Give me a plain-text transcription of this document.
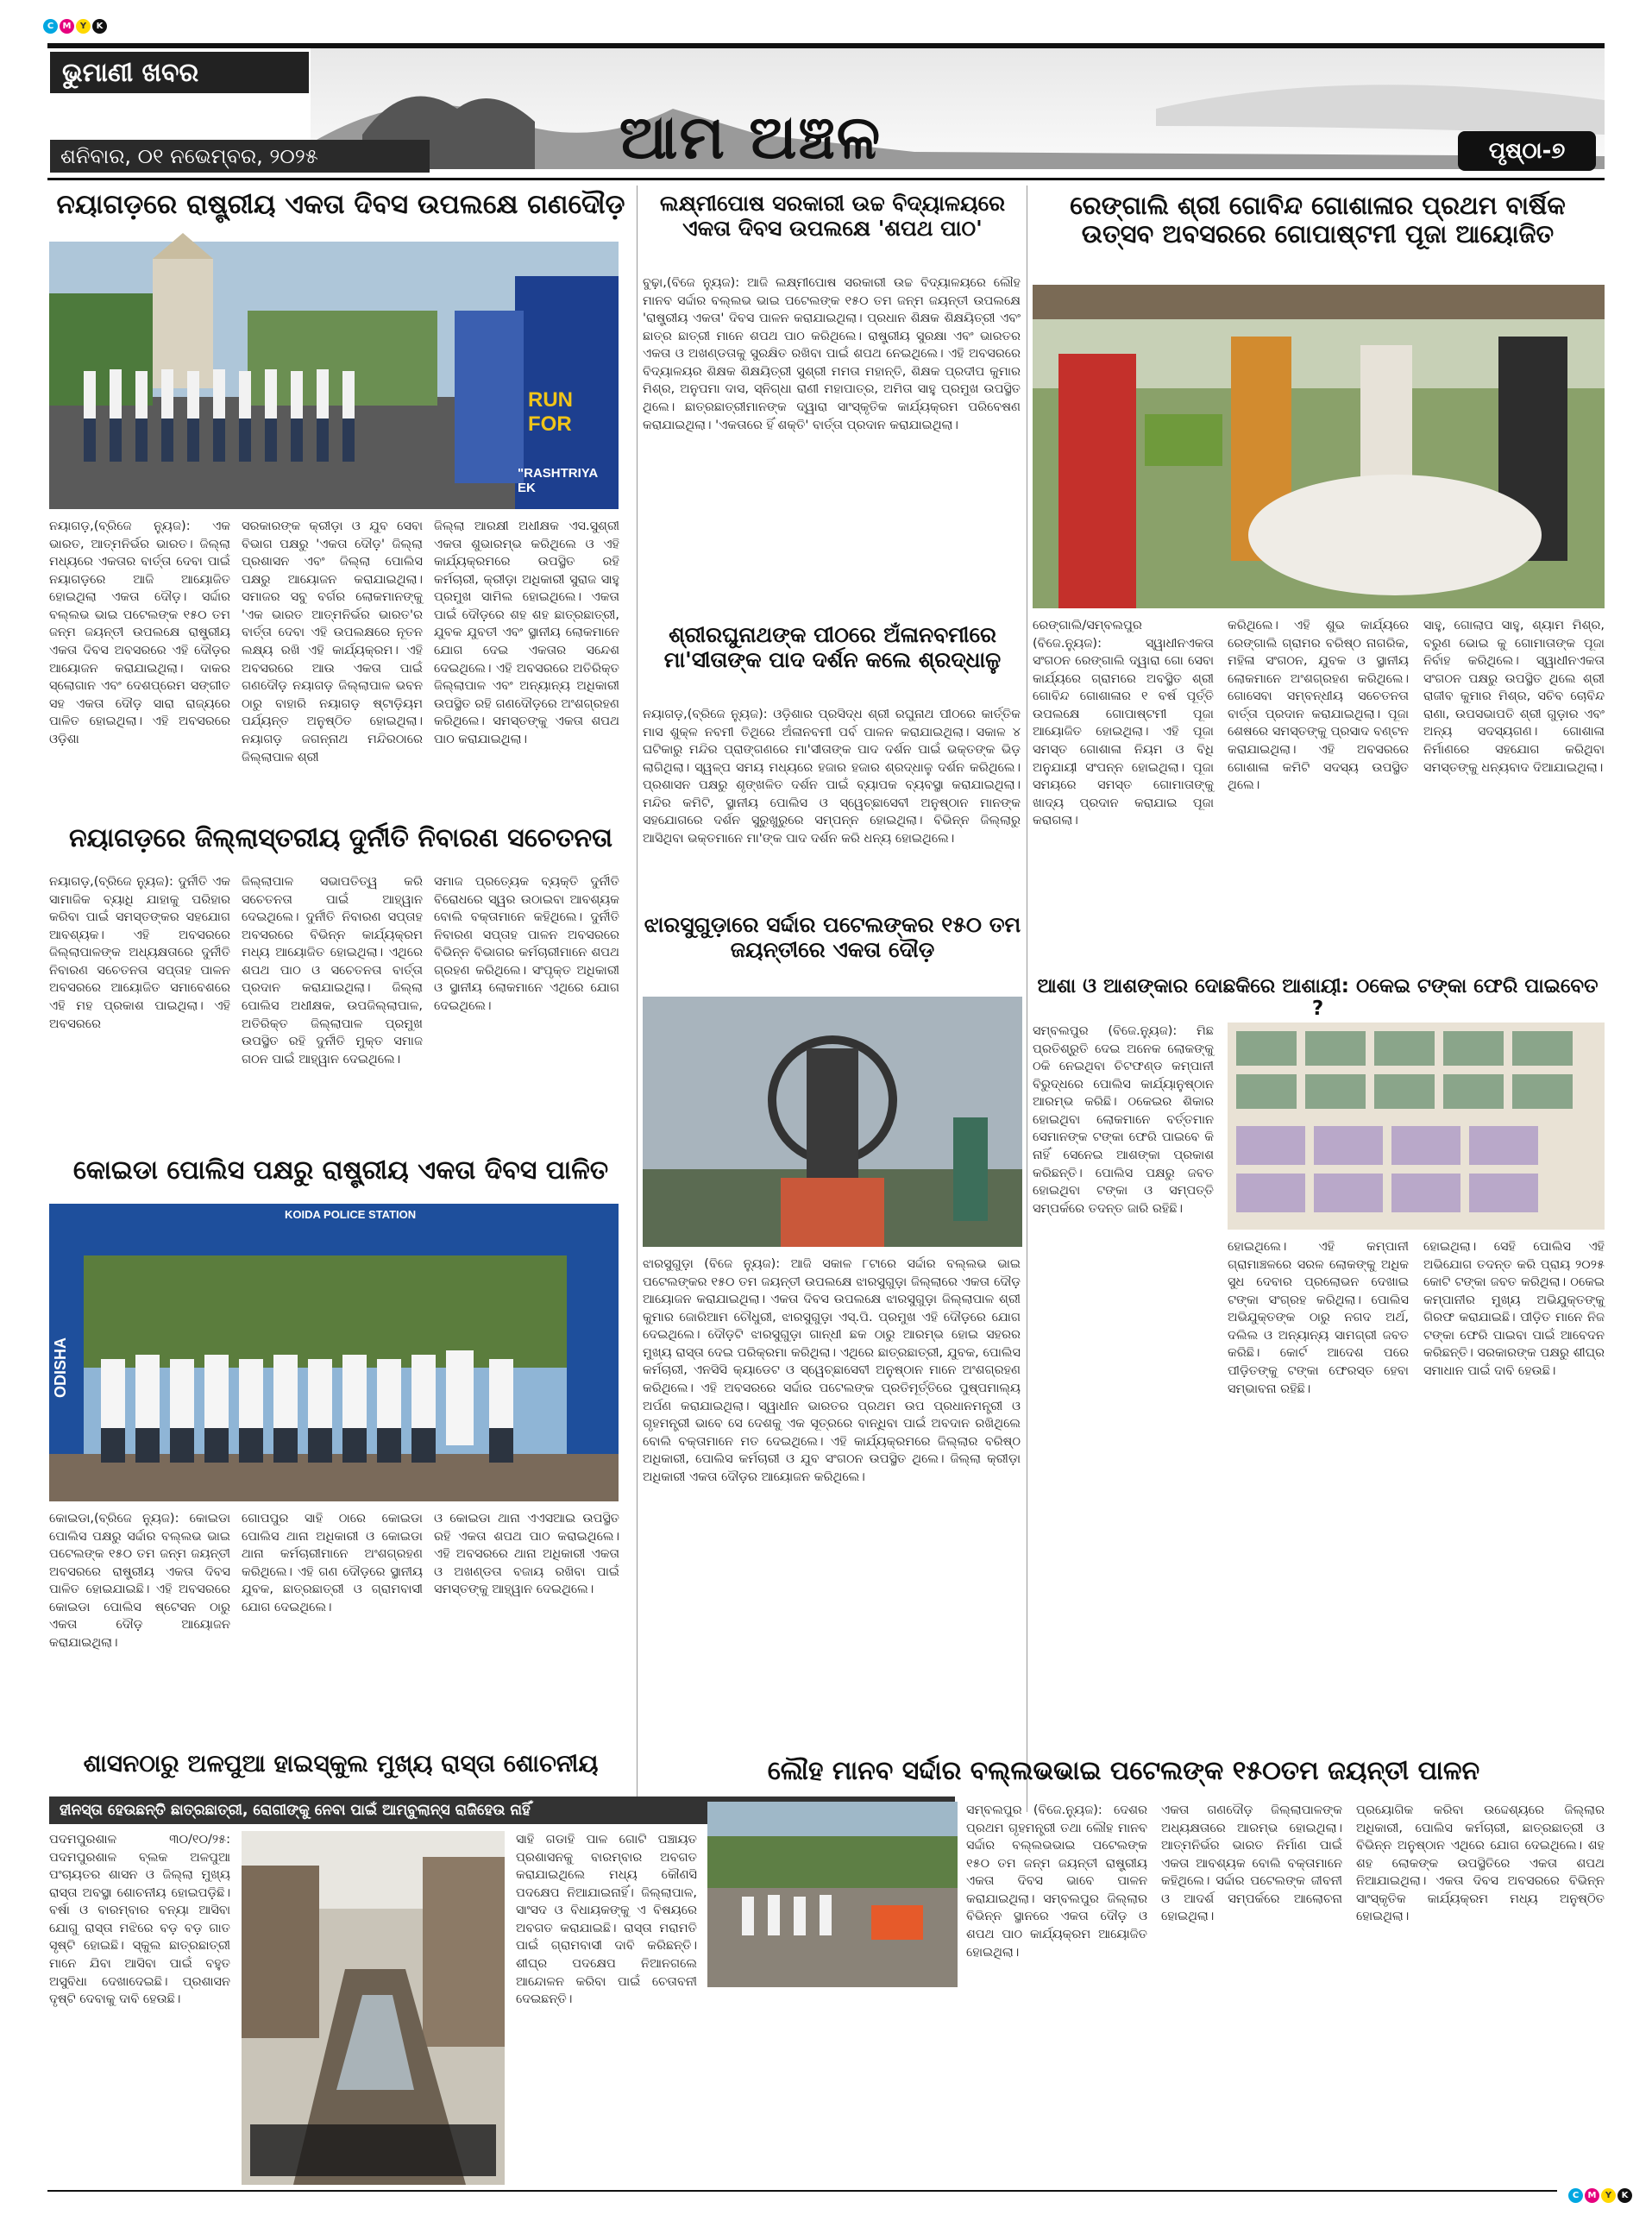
C	M	Y	K
C	M	Y	K
ଭୁମାଣୀ ଖବର
ଶନିବାର, ୦୧ ନଭେମ୍ବର, ୨୦୨୫	ଆମ ଅଞ୍ଚଳ	ପୃଷ୍ଠା-୭
ନୟାଗଡ଼ରେ ରାଷ୍ଟ୍ରୀୟ ଏକତା ଦିବସ ଉପଲକ୍ଷେ ଗଣଦୌଡ଼
RUN FOR
"RASHTRIYA EK
ନୟାଗଡ଼,(ବ୍ରିଜେ ନ୍ୟୁଜ): ଏକ ଭାରତ, ଆତ୍ମନିର୍ଭର ଭାରତ। ଜିଲ୍ଲା ମଧ୍ୟରେ ଏକତାର ବାର୍ତ୍ତା ଦେବା ପାଇଁ ନୟାଗଡ଼ରେ ଆଜି ଆୟୋଜିତ ହୋଇଥିଲା ଏକତା ଦୌଡ଼। ସର୍ଦ୍ଦାର ବଲ୍ଲଭ ଭାଇ ପଟେଲଙ୍କ ୧୫୦ ତମ ଜନ୍ମ ଜୟନ୍ତୀ ଉପଲକ୍ଷେ ରାଷ୍ଟ୍ରୀୟ ଏକତା ଦିବସ ଅବସରରେ ଏହି ଦୌଡ଼ର ଆୟୋଜନ କରାଯାଇଥିଲା। ଦାକର ସ୍ଲୋଗାନ ଏବଂ ଦେଶପ୍ରେମ ସଙ୍ଗୀତ ସହ ଏକତା ଦୌଡ଼ ସାରା ରାଜ୍ୟରେ ପାଳିତ ହୋଇଥିଲା। ଏହି ଅବସରରେ ଓଡ଼ିଶା
ସରକାରଙ୍କ କ୍ରୀଡ଼ା ଓ ଯୁବ ସେବା ବିଭାଗ ପକ୍ଷରୁ 'ଏକତା ଦୌଡ଼' ଜିଲ୍ଲା ପ୍ରଶାସନ ଏବଂ ଜିଲ୍ଲା ପୋଲିସ ପକ୍ଷରୁ ଆୟୋଜନ କରାଯାଇଥିଲା। ସମାଜର ସବୁ ବର୍ଗର ଲୋକମାନଙ୍କୁ 'ଏକ ଭାରତ ଆତ୍ମନିର୍ଭର ଭାରତ'ର ବାର୍ତ୍ତା ଦେବା ଏହି ଉପଲକ୍ଷରେ ନୂତନ ଲକ୍ଷ୍ୟ ରଖି ଏହି କାର୍ଯ୍ୟକ୍ରମ। ଏହି ଅବସରରେ ଆଉ ଏକତା ପାଇଁ ଗଣଦୌଡ଼ ନୟାଗଡ଼ ଜିଲ୍ଲାପାଳ ଭବନ ଠାରୁ ବାହାରି ନୟାଗଡ଼ ଷ୍ଟାଡ଼ିୟମ ପର୍ଯ୍ୟନ୍ତ ଅନୁଷ୍ଠିତ ହୋଇଥିଲା। ନୟାଗଡ଼ ଜଗନ୍ନାଥ ମନ୍ଦିରଠାରେ ଜିଲ୍ଲାପାଳ ଶ୍ରୀ
ଜିଲ୍ଲା ଆରକ୍ଷୀ ଅଧୀକ୍ଷକ ଏସ.ସୁଶ୍ରୀ ଏକତା ଶୁଭାରମ୍ଭ କରିଥିଲେ ଓ ଏହି କାର୍ଯ୍ୟକ୍ରମରେ ଉପସ୍ଥିତ ରହି କର୍ମଚାରୀ, କ୍ରୀଡ଼ା ଅଧିକାରୀ ସୁରାଜ ସାହୁ ପ୍ରମୁଖ ସାମିଲ ହୋଇଥିଲେ। ଏକତା ପାଇଁ ଦୌଡ଼ରେ ଶହ ଶହ ଛାତ୍ରଛାତ୍ରୀ, ଯୁବକ ଯୁବତୀ ଏବଂ ସ୍ଥାନୀୟ ଲୋକମାନେ ଯୋଗ ଦେଇ ଏକତାର ସନ୍ଦେଶ ଦେଇଥିଲେ। ଏହି ଅବସରରେ ଅତିରିକ୍ତ ଜିଲ୍ଲାପାଳ ଏବଂ ଅନ୍ୟାନ୍ୟ ଅଧିକାରୀ ଉପସ୍ଥିତ ରହି ଗଣଦୌଡ଼ରେ ଅଂଶଗ୍ରହଣ କରିଥିଲେ। ସମସ୍ତଙ୍କୁ ଏକତା ଶପଥ ପାଠ କରାଯାଇଥିଲା।
ନୟାଗଡ଼ରେ ଜିଲ୍ଲାସ୍ତରୀୟ ଦୁର୍ନୀତି ନିବାରଣ ସଚେତନତା
ନୟାଗଡ଼,(ବ୍ରିଜେ ନ୍ୟୁଜ): ଦୁର୍ନୀତି ଏକ ସାମାଜିକ ବ୍ୟାଧି ଯାହାକୁ ପରିହାର କରିବା ପାଇଁ ସମସ୍ତଙ୍କର ସହଯୋଗ ଆବଶ୍ୟକ। ଏହି ଅବସରରେ ଜିଲ୍ଲାପାଳଙ୍କ ଅଧ୍ୟକ୍ଷତାରେ ଦୁର୍ନୀତି ନିବାରଣ ସଚେତନତା ସପ୍ତାହ ପାଳନ ଅବସରରେ ଆୟୋଜିତ ସମାବେଶରେ ଏହି ମହ ପ୍ରକାଶ ପାଇଥିଲା। ଏହି ଅବସରରେ
ଜିଲ୍ଲାପାଳ ସଭାପତିତ୍ୱ କରି ସଚେତନତା ପାଇଁ ଆହ୍ୱାନ ଦେଇଥିଲେ। ଦୁର୍ନୀତି ନିବାରଣ ସପ୍ତାହ ଅବସରରେ ବିଭିନ୍ନ କାର୍ଯ୍ୟକ୍ରମ ମଧ୍ୟ ଆୟୋଜିତ ହୋଇଥିଲା। ଏଥିରେ ଶପଥ ପାଠ ଓ ସଚେତନତା ବାର୍ତ୍ତା ପ୍ରଦାନ କରାଯାଇଥିଲା। ଜିଲ୍ଲା ପୋଲିସ ଅଧୀକ୍ଷକ, ଉପଜିଲ୍ଲାପାଳ, ଅତିରିକ୍ତ ଜିଲ୍ଲାପାଳ ପ୍ରମୁଖ ଉପସ୍ଥିତ ରହି ଦୁର୍ନୀତି ମୁକ୍ତ ସମାଜ ଗଠନ ପାଇଁ ଆହ୍ୱାନ ଦେଇଥିଲେ।
ସମାଜ ପ୍ରତ୍ୟେକ ବ୍ୟକ୍ତି ଦୁର୍ନୀତି ବିରୋଧରେ ସ୍ୱର ଉଠାଇବା ଆବଶ୍ୟକ ବୋଲି ବକ୍ତାମାନେ କହିଥିଲେ। ଦୁର୍ନୀତି ନିବାରଣ ସପ୍ତାହ ପାଳନ ଅବସରରେ ବିଭିନ୍ନ ବିଭାଗର କର୍ମଚାରୀମାନେ ଶପଥ ଗ୍ରହଣ କରିଥିଲେ। ସଂପୃକ୍ତ ଅଧିକାରୀ ଓ ସ୍ଥାନୀୟ ଲୋକମାନେ ଏଥିରେ ଯୋଗ ଦେଇଥିଲେ।
କୋଇଡା ପୋଲିସ ପକ୍ଷରୁ ରାଷ୍ଟ୍ରୀୟ ଏକତା ଦିବସ ପାଳିତ
KOIDA POLICE STATION
ODISHA
କୋଇଡା,(ବ୍ରିଜେ ନ୍ୟୁଜ): କୋଇଡା ପୋଲିସ ପକ୍ଷରୁ ସର୍ଦ୍ଦାର ବଲ୍ଲଭ ଭାଇ ପଟେଲଙ୍କ ୧୫୦ ତମ ଜନ୍ମ ଜୟନ୍ତୀ ଅବସରରେ ରାଷ୍ଟ୍ରୀୟ ଏକତା ଦିବସ ପାଳିତ ହୋଇଯାଇଛି। ଏହି ଅବସରରେ କୋଇଡା ପୋଲିସ ଷ୍ଟେସନ ଠାରୁ ଏକତା ଦୌଡ଼ ଆୟୋଜନ କରାଯାଇଥିଲା।
ଗୋପପୁର ସାହି ଠାରେ କୋଇଡା ପୋଲିସ ଥାନା ଅଧିକାରୀ ଓ କୋଇଡା ଥାନା କର୍ମଚାରୀମାନେ ଅଂଶଗ୍ରହଣ କରିଥିଲେ। ଏହି ଗଣ ଦୌଡ଼ରେ ସ୍ଥାନୀୟ ଯୁବକ, ଛାତ୍ରଛାତ୍ରୀ ଓ ଗ୍ରାମବାସୀ ଯୋଗ ଦେଇଥିଲେ।
ଓ କୋଇଡା ଥାନା ଏଏସଆଇ ଉପସ୍ଥିତ ରହି ଏକତା ଶପଥ ପାଠ କରାଇଥିଲେ। ଏହି ଅବସରରେ ଥାନା ଅଧିକାରୀ ଏକତା ଓ ଅଖଣ୍ଡତା ବଜାୟ ରଖିବା ପାଇଁ ସମସ୍ତଙ୍କୁ ଆହ୍ୱାନ ଦେଇଥିଲେ।
ଶାସନଠାରୁ ଅଳପୁଆ ହାଇସ୍କୁଲ ମୁଖ୍ୟ ରାସ୍ତା ଶୋଚନୀୟ
ହୀନସ୍ତା ହେଉଛନ୍ତି ଛାତ୍ରଛାତ୍ରୀ, ରୋଗୀଙ୍କୁ ନେବା ପାଇଁ ଆମ୍ବୁଲାନ୍ସ ରାଜିହେଉ ନାହିଁ
ପଦମପୁରଶାଳ ୩୦/୧୦/୨୫: ପଦମପୁରଶାଳ ବ୍ଲକ ଅଳପୁଆ ପଂଚାୟତର ଶାସନ ଓ ଜିଲ୍ଲା ମୁଖ୍ୟ ରାସ୍ତା ଅବସ୍ଥା ଶୋଚନୀୟ ହୋଇପଡ଼ିଛି। ବର୍ଷା ଓ ବାରମ୍ବାର ବନ୍ୟା ଆସିବା ଯୋଗୁ ରାସ୍ତା ମଝିରେ ବଡ଼ ବଡ଼ ଗାତ ସୃଷ୍ଟି ହୋଇଛି। ସ୍କୁଲ ଛାତ୍ରଛାତ୍ରୀ ମାନେ ଯିବା ଆସିବା ପାଇଁ ବହୁତ ଅସୁବିଧା ଦେଖାଦେଇଛି। ପ୍ରଶାସନ ଦୃଷ୍ଟି ଦେବାକୁ ଦାବି ହେଉଛି।
ସାହି ଗଡାହି ପାଳ ଗୋଟି ପଞ୍ଚାୟତ ପ୍ରଶାସନକୁ ବାରମ୍ବାର ଅବଗତ କରାଯାଇଥିଲେ ମଧ୍ୟ କୌଣସି ପଦକ୍ଷେପ ନିଆଯାଇନାହିଁ। ଜିଲ୍ଲାପାଳ, ସାଂସଦ ଓ ବିଧାୟକଙ୍କୁ ଏ ବିଷୟରେ ଅବଗତ କରାଯାଇଛି। ରାସ୍ତା ମରାମତି ପାଇଁ ଗ୍ରାମବାସୀ ଦାବି କରିଛନ୍ତି। ଶୀଘ୍ର ପଦକ୍ଷେପ ନିଆନଗଲେ ଆନ୍ଦୋଳନ କରିବା ପାଇଁ ଚେତାବନୀ ଦେଇଛନ୍ତି।
ଲକ୍ଷ୍ମୀପୋଷ ସରକାରୀ ଉଚ୍ଚ ବିଦ୍ୟାଳୟରେ ଏକତା ଦିବସ ଉପଲକ୍ଷେ 'ଶପଥ ପାଠ'
ବୁଢ଼ା,(ବିଜେ ନ୍ୟୁଜ): ଆଜି ଲକ୍ଷ୍ମୀପୋଷ ସରକାରୀ ଉଚ୍ଚ ବିଦ୍ୟାଳୟରେ ଲୌହ ମାନବ ସର୍ଦ୍ଦାର ବଲ୍ଲଭ ଭାଇ ପଟେଲଙ୍କ ୧୫୦ ତମ ଜନ୍ମ ଜୟନ୍ତୀ ଉପଲକ୍ଷେ 'ରାଷ୍ଟ୍ରୀୟ ଏକତା' ଦିବସ ପାଳନ କରାଯାଇଥିଲା। ପ୍ରଧାନ ଶିକ୍ଷକ ଶିକ୍ଷୟିତ୍ରୀ ଏବଂ ଛାତ୍ର ଛାତ୍ରୀ ମାନେ ଶପଥ ପାଠ କରିଥିଲେ। ରାଷ୍ଟ୍ରୀୟ ସୁରକ୍ଷା ଏବଂ ଭାରତର ଏକତା ଓ ଅଖଣ୍ଡତାକୁ ସୁରକ୍ଷିତ ରଖିବା ପାଇଁ ଶପଥ ନେଇଥିଲେ। ଏହି ଅବସରରେ ବିଦ୍ୟାଳୟର ଶିକ୍ଷକ ଶିକ୍ଷୟିତ୍ରୀ ସୁଶ୍ରୀ ମମତା ମହାନ୍ତି, ଶିକ୍ଷକ ପ୍ରଦୀପ କୁମାର ମିଶ୍ର, ଅନୁପମା ଦାସ, ସ୍ନିଗ୍ଧା ରାଣୀ ମହାପାତ୍ର, ଅମିତା ସାହୁ ପ୍ରମୁଖ ଉପସ୍ଥିତ ଥିଲେ। ଛାତ୍ରଛାତ୍ରୀମାନଙ୍କ ଦ୍ୱାରା ସାଂସ୍କୃତିକ କାର୍ଯ୍ୟକ୍ରମ ପରିବେଷଣ କରାଯାଇଥିଲା। 'ଏକତାରେ ହିଁ ଶକ୍ତି' ବାର୍ତ୍ତା ପ୍ରଦାନ କରାଯାଇଥିଲା।
ଶ୍ରୀରଘୁନାଥଙ୍କ ପୀଠରେ ଅଁଳାନବମୀରେ ମା'ସୀତାଙ୍କ ପାଦ ଦର୍ଶନ କଲେ ଶ୍ରଦ୍ଧାଳୁ
ନୟାଗଡ଼,(ବ୍ରିଜେ ନ୍ୟୁଜ): ଓଡ଼ିଶାର ପ୍ରସିଦ୍ଧ ଶ୍ରୀ ରଘୁନାଥ ପୀଠରେ କାର୍ତ୍ତିକ ମାସ ଶୁକ୍ଳ ନବମୀ ତିଥିରେ ଅଁଳାନବମୀ ପର୍ବ ପାଳନ କରାଯାଇଥିଲା। ସକାଳ ୪ ଘଟିକାରୁ ମନ୍ଦିର ପ୍ରାଙ୍ଗଣରେ ମା'ସୀତାଙ୍କ ପାଦ ଦର୍ଶନ ପାଇଁ ଭକ୍ତଙ୍କ ଭିଡ଼ ଲାଗିଥିଲା। ସ୍ୱଳ୍ପ ସମୟ ମଧ୍ୟରେ ହଜାର ହଜାର ଶ୍ରଦ୍ଧାଳୁ ଦର୍ଶନ କରିଥିଲେ। ପ୍ରଶାସନ ପକ୍ଷରୁ ଶୃଙ୍ଖଳିତ ଦର୍ଶନ ପାଇଁ ବ୍ୟାପକ ବ୍ୟବସ୍ଥା କରାଯାଇଥିଲା। ମନ୍ଦିର କମିଟି, ସ୍ଥାନୀୟ ପୋଲିସ ଓ ସ୍ୱେଚ୍ଛାସେବୀ ଅନୁଷ୍ଠାନ ମାନଙ୍କ ସହଯୋଗରେ ଦର୍ଶନ ସୁରୁଖୁରୁରେ ସମ୍ପନ୍ନ ହୋଇଥିଲା। ବିଭିନ୍ନ ଜିଲ୍ଲାରୁ ଆସିଥିବା ଭକ୍ତମାନେ ମା'ଙ୍କ ପାଦ ଦର୍ଶନ କରି ଧନ୍ୟ ହୋଇଥିଲେ।
ଝାରସୁଗୁଡ଼ାରେ ସର୍ଦ୍ଦାର ପଟେଲଙ୍କର ୧୫୦ ତମ ଜୟନ୍ତୀରେ ଏକତା ଦୌଡ଼
ଝାରସୁଗୁଡ଼ା (ବିଜେ ନ୍ୟୁଜ): ଆଜି ସକାଳ ୮ଟାରେ ସର୍ଦ୍ଦାର ବଲ୍ଲଭ ଭାଇ ପଟେଲଙ୍କର ୧୫୦ ତମ ଜୟନ୍ତୀ ଉପଲକ୍ଷେ ଝାରସୁଗୁଡ଼ା ଜିଲ୍ଲାରେ ଏକତା ଦୌଡ଼ ଆୟୋଜନ କରାଯାଇଥିଲା। ଏକତା ଦିବସ ଉପଲକ୍ଷେ ଝାରସୁଗୁଡ଼ା ଜିଲ୍ଲାପାଳ ଶ୍ରୀ କୁମାର ଜୋରିଆମ ଚୌଧୁରୀ, ଝାରସୁଗୁଡ଼ା ଏସ୍.ପି. ପ୍ରମୁଖ ଏହି ଦୌଡ଼ରେ ଯୋଗ ଦେଇଥିଲେ। ଦୌଡ଼ଟି ଝାରସୁଗୁଡ଼ା ଗାନ୍ଧୀ ଛକ ଠାରୁ ଆରମ୍ଭ ହୋଇ ସହରର ମୁଖ୍ୟ ରାସ୍ତା ଦେଇ ପରିକ୍ରମା କରିଥିଲା। ଏଥିରେ ଛାତ୍ରଛାତ୍ରୀ, ଯୁବକ, ପୋଲିସ କର୍ମଚାରୀ, ଏନସିସି କ୍ୟାଡେଟ ଓ ସ୍ୱେଚ୍ଛାସେବୀ ଅନୁଷ୍ଠାନ ମାନେ ଅଂଶଗ୍ରହଣ କରିଥିଲେ। ଏହି ଅବସରରେ ସର୍ଦ୍ଦାର ପଟେଲଙ୍କ ପ୍ରତିମୂର୍ତ୍ତିରେ ପୁଷ୍ପମାଲ୍ୟ ଅର୍ପଣ କରାଯାଇଥିଲା। ସ୍ୱାଧୀନ ଭାରତର ପ୍ରଥମ ଉପ ପ୍ରଧାନମନ୍ତ୍ରୀ ଓ ଗୃହମନ୍ତ୍ରୀ ଭାବେ ସେ ଦେଶକୁ ଏକ ସୂତ୍ରରେ ବାନ୍ଧିବା ପାଇଁ ଅବଦାନ ରଖିଥିଲେ ବୋଲି ବକ୍ତାମାନେ ମତ ଦେଇଥିଲେ। ଏହି କାର୍ଯ୍ୟକ୍ରମରେ ଜିଲ୍ଲାର ବରିଷ୍ଠ ଅଧିକାରୀ, ପୋଲିସ କର୍ମଚାରୀ ଓ ଯୁବ ସଂଗଠନ ଉପସ୍ଥିତ ଥିଲେ। ଜିଲ୍ଲା କ୍ରୀଡ଼ା ଅଧିକାରୀ ଏକତା ଦୌଡ଼ର ଆୟୋଜନ କରିଥିଲେ।
ରେଙ୍ଗାଲି ଶ୍ରୀ ଗୋବିନ୍ଦ ଗୋଶାଳାର ପ୍ରଥମ ବାର୍ଷିକ ଉତ୍ସବ ଅବସରରେ ଗୋପାଷ୍ଟମୀ ପୂଜା ଆୟୋଜିତ
ରେଙ୍ଗାଲି/ସମ୍ବଲପୁର (ବିଜେ.ନ୍ୟୁଜ): ସ୍ୱାଧୀନଏକତା ସଂଗଠନ ରେଙ୍ଗାଲି ଦ୍ୱାରା ଗୋ ସେବା କାର୍ଯ୍ୟରେ ଗ୍ରାମରେ ଅବସ୍ଥିତ ଶ୍ରୀ ଗୋବିନ୍ଦ ଗୋଶାଳାର ୧ ବର୍ଷ ପୂର୍ତ୍ତି ଉପଲକ୍ଷେ ଗୋପାଷ୍ଟମୀ ପୂଜା ଆୟୋଜିତ ହୋଇଥିଲା। ଏହି ପୂଜା ସମସ୍ତ ଗୋଶାଳା ନିୟମ ଓ ବିଧି ଅନୁଯାୟୀ ସଂପନ୍ନ ହୋଇଥିଲା। ପୂଜା ସମୟରେ ସମସ୍ତ ଗୋମାତାଙ୍କୁ ଖାଦ୍ୟ ପ୍ରଦାନ କରାଯାଇ ପୂଜା କରାଗଲା।
କରିଥିଲେ। ଏହି ଶୁଭ କାର୍ଯ୍ୟରେ ରେଙ୍ଗାଲି ଗ୍ରାମର ବରିଷ୍ଠ ନାଗରିକ, ମହିଳା ସଂଗଠନ, ଯୁବକ ଓ ସ୍ଥାନୀୟ ଲୋକମାନେ ଅଂଶଗ୍ରହଣ କରିଥିଲେ। ଗୋସେବା ସମ୍ବନ୍ଧୀୟ ସଚେତନତା ବାର୍ତ୍ତା ପ୍ରଦାନ କରାଯାଇଥିଲା। ପୂଜା ଶେଷରେ ସମସ୍ତଙ୍କୁ ପ୍ରସାଦ ବଣ୍ଟନ କରାଯାଇଥିଲା। ଏହି ଅବସରରେ ଗୋଶାଳା କମିଟି ସଦସ୍ୟ ଉପସ୍ଥିତ ଥିଲେ।
ସାହୁ, ଗୋଲାପ ସାହୁ, ଶ୍ୟାମ ମିଶ୍ର, ବରୁଣ ଭୋଇ କୁ ଗୋମାତାଙ୍କ ପୂଜା ନିର୍ବାହ କରିଥିଲେ। ସ୍ୱାଧୀନଏକତା ସଂଗଠନ ପକ୍ଷରୁ ଉପସ୍ଥିତ ଥିଲେ ଶ୍ରୀ ରାଜୀବ କୁମାର ମିଶ୍ର, ସଚିବ ଚୋବିନ୍ଦ ରାଣା, ଉପସଭାପତି ଶ୍ରୀ ଗୁଡ଼ାର ଏବଂ ଅନ୍ୟ ସଦସ୍ୟଗଣ। ଗୋଶାଳା ନିର୍ମାଣରେ ସହଯୋଗ କରିଥିବା ସମସ୍ତଙ୍କୁ ଧନ୍ୟବାଦ ଦିଆଯାଇଥିଲା।
ଆଶା ଓ ଆଶଙ୍କାର ଦୋଛକିରେ ଆଶାୟୀ: ଠକେଇ ଟଙ୍କା ଫେରି ପାଇବେତ ?
ସମ୍ବଲପୁର (ବିଜେ.ନ୍ୟୁଜ): ମିଛ ପ୍ରତିଶ୍ରୁତି ଦେଇ ଅନେକ ଲୋକଙ୍କୁ ଠକି ନେଇଥିବା ଚିଟଫଣ୍ଡ କମ୍ପାନୀ ବିରୁଦ୍ଧରେ ପୋଲିସ କାର୍ଯ୍ୟାନୁଷ୍ଠାନ ଆରମ୍ଭ କରିଛି। ଠକେଇର ଶିକାର ହୋଇଥିବା ଲୋକମାନେ ବର୍ତ୍ତମାନ ସେମାନଙ୍କ ଟଙ୍କା ଫେରି ପାଇବେ କି ନାହିଁ ସେନେଇ ଆଶଙ୍କା ପ୍ରକାଶ କରିଛନ୍ତି। ପୋଲିସ ପକ୍ଷରୁ ଜବତ ହୋଇଥିବା ଟଙ୍କା ଓ ସମ୍ପତ୍ତି ସମ୍ପର୍କରେ ତଦନ୍ତ ଜାରି ରହିଛି।
ହୋଇଥିଲେ। ଏହି କମ୍ପାନୀ ଗ୍ରାମାଞ୍ଚଳରେ ସରଳ ଲୋକଙ୍କୁ ଅଧିକ ସୁଧ ଦେବାର ପ୍ରଲୋଭନ ଦେଖାଇ ଟଙ୍କା ସଂଗ୍ରହ କରିଥିଲା। ପୋଲିସ ଅଭିଯୁକ୍ତଙ୍କ ଠାରୁ ନଗଦ ଅର୍ଥ, ଦଲିଲ ଓ ଅନ୍ୟାନ୍ୟ ସାମଗ୍ରୀ ଜବତ କରିଛି। କୋର୍ଟ ଆଦେଶ ପରେ ପୀଡ଼ିତଙ୍କୁ ଟଙ୍କା ଫେରସ୍ତ ହେବା ସମ୍ଭାବନା ରହିଛି।
ହୋଇଥିଲା। ସେହି ପୋଲିସ ଏହି ଅଭିଯୋଗ ତଦନ୍ତ କରି ପ୍ରାୟ ୨୦୨୫ କୋଟି ଟଙ୍କା ଜବତ କରିଥିଲା। ଠକେଇ କମ୍ପାନୀର ମୁଖ୍ୟ ଅଭିଯୁକ୍ତଙ୍କୁ ଗିରଫ କରାଯାଇଛି। ପୀଡ଼ିତ ମାନେ ନିଜ ଟଙ୍କା ଫେରି ପାଇବା ପାଇଁ ଆବେଦନ କରିଛନ୍ତି। ସରକାରଙ୍କ ପକ୍ଷରୁ ଶୀଘ୍ର ସମାଧାନ ପାଇଁ ଦାବି ହେଉଛି।
ଲୌହ ମାନବ ସର୍ଦ୍ଦାର ବଲ୍ଲଭଭାଇ ପଟେଲଙ୍କ ୧୫୦ତମ ଜୟନ୍ତୀ ପାଳନ
ସମ୍ବଲପୁର (ବିଜେ.ନ୍ୟୁଜ): ଦେଶର ପ୍ରଥମ ଗୃହମନ୍ତ୍ରୀ ତଥା ଲୌହ ମାନବ ସର୍ଦ୍ଦାର ବଲ୍ଲଭଭାଇ ପଟେଲଙ୍କ ୧୫୦ ତମ ଜନ୍ମ ଜୟନ୍ତୀ ରାଷ୍ଟ୍ରୀୟ ଏକତା ଦିବସ ଭାବେ ପାଳନ କରାଯାଇଥିଲା। ସମ୍ବଲପୁର ଜିଲ୍ଲାର ବିଭିନ୍ନ ସ୍ଥାନରେ ଏକତା ଦୌଡ଼ ଓ ଶପଥ ପାଠ କାର୍ଯ୍ୟକ୍ରମ ଆୟୋଜିତ ହୋଇଥିଲା।
ଏକତା ଗଣଦୌଡ଼ ଜିଲ୍ଲାପାଳଙ୍କ ଅଧ୍ୟକ୍ଷତାରେ ଆରମ୍ଭ ହୋଇଥିଲା। ଆତ୍ମନିର୍ଭର ଭାରତ ନିର୍ମାଣ ପାଇଁ ଏକତା ଆବଶ୍ୟକ ବୋଲି ବକ୍ତାମାନେ କହିଥିଲେ। ସର୍ଦ୍ଦାର ପଟେଲଙ୍କ ଜୀବନୀ ଓ ଆଦର୍ଶ ସମ୍ପର୍କରେ ଆଲୋଚନା ହୋଇଥିଲା।
ପ୍ରୟୋଗିକ କରିବା ଉଦ୍ଦେଶ୍ୟରେ ଜିଲ୍ଲାର ଅଧିକାରୀ, ପୋଲିସ କର୍ମଚାରୀ, ଛାତ୍ରଛାତ୍ରୀ ଓ ବିଭିନ୍ନ ଅନୁଷ୍ଠାନ ଏଥିରେ ଯୋଗ ଦେଇଥିଲେ। ଶହ ଶହ ଲୋକଙ୍କ ଉପସ୍ଥିତିରେ ଏକତା ଶପଥ ନିଆଯାଇଥିଲା। ଏକତା ଦିବସ ଅବସରରେ ବିଭିନ୍ନ ସାଂସ୍କୃତିକ କାର୍ଯ୍ୟକ୍ରମ ମଧ୍ୟ ଅନୁଷ୍ଠିତ ହୋଇଥିଲା।
